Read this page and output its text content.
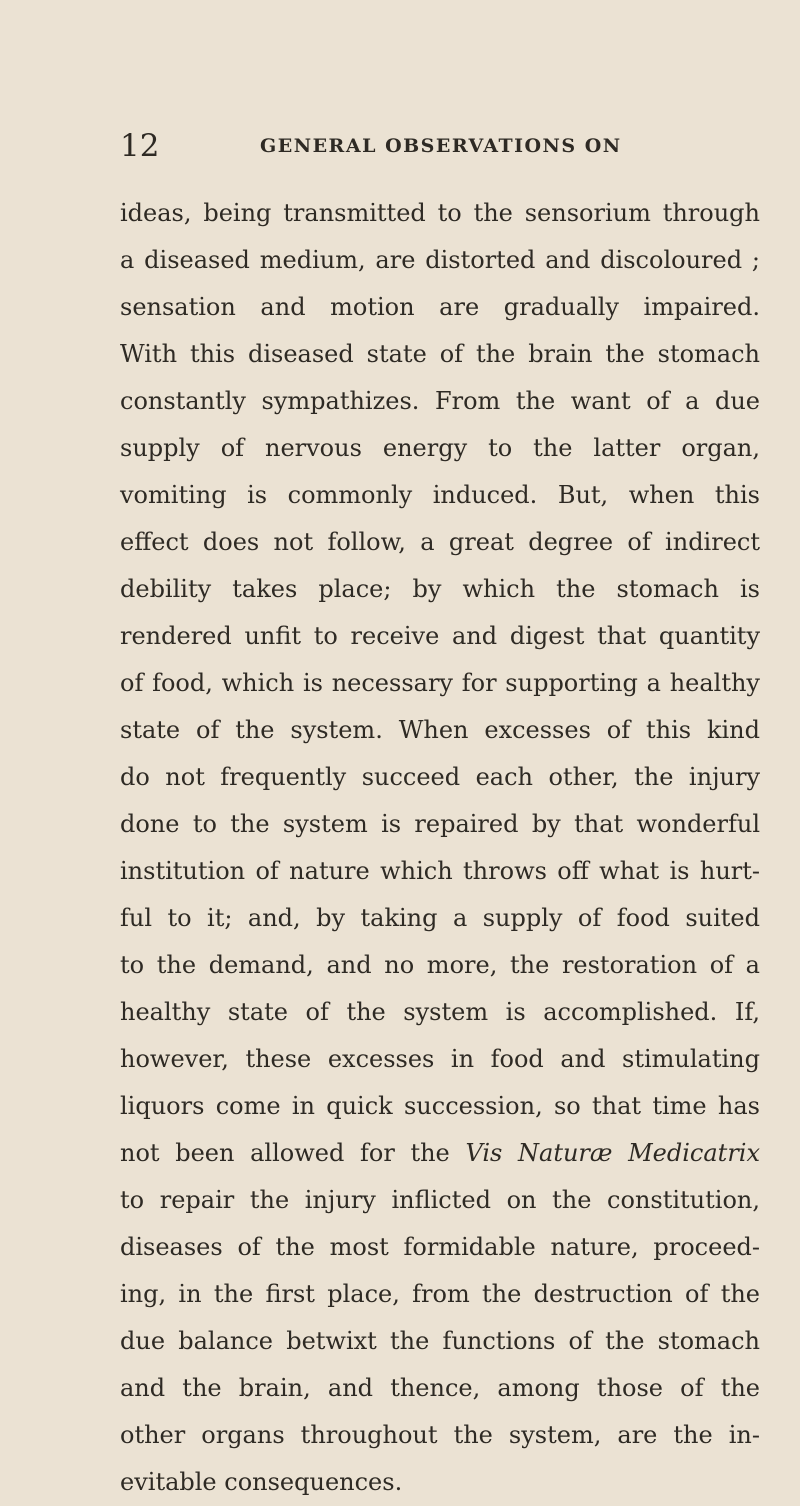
12	GENERAL OBSERVATIONS ON
ideas, being transmitted to the sensorium through
a diseased medium, are distorted and discoloured ;
sensation and motion are gradually impaired.
With this diseased state of the brain the stomach
constantly sympathizes. From the want of a due
supply of nervous energy to the latter organ,
vomiting is commonly induced. But, when this
effect does not follow, a great degree of indirect
debility takes place; by which the stomach is
rendered unfit to receive and digest that quantity
of food, which is necessary for supporting a healthy
state of the system. When excesses of this kind
do not frequently succeed each other, the injury
done to the system is repaired by that wonderful
institution of nature which throws off what is hurt-
ful to it; and, by taking a supply of food suited
to the demand, and no more, the restoration of a
healthy state of the system is accomplished. If,
however, these excesses in food and stimulating
liquors come in quick succession, so that time has
not been allowed for the Vis Naturæ Medicatrix
to repair the injury inflicted on the constitution,
diseases of the most formidable nature, proceed-
ing, in the first place, from the destruction of the
due balance betwixt the functions of the stomach
and the brain, and thence, among those of the
other organs throughout the system, are the in-
evitable consequences.
